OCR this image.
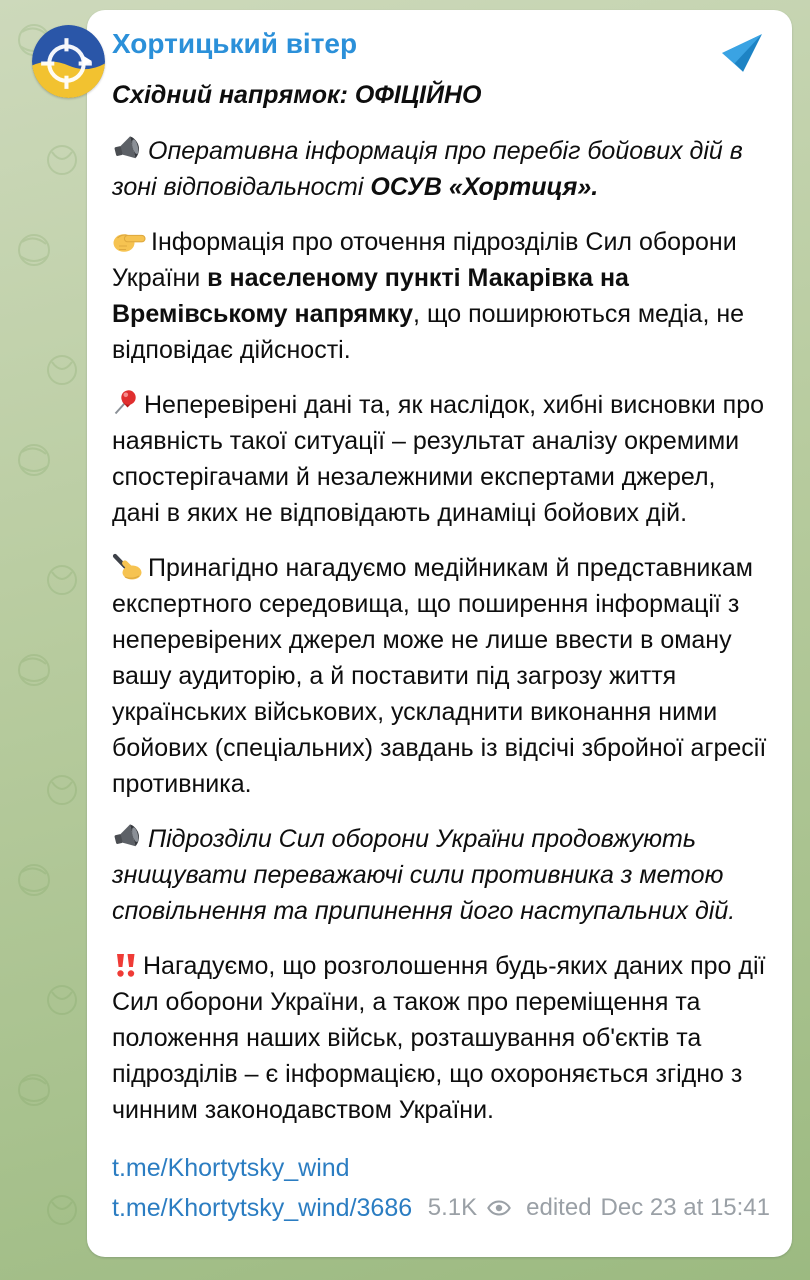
Хортицький вітер
Східний напрямок: ОФІЦІЙНО
Оперативна інформація про перебіг бойових дій в зоні відповідальності ОСУВ «Хортиця».
Інформація про оточення підрозділів Сил оборони України в населеному пункті Макарівка на Времівському напрямку, що поширюються медіа, не відповідає дійсності.
Неперевірені дані та, як наслідок, хибні висновки про наявність такої ситуації – результат аналізу окремими спостерігачами й незалежними експертами джерел, дані в яких не відповідають динаміці бойових дій.
Принагідно нагадуємо медійникам й представникам експертного середовища, що поширення інформації з неперевірених джерел може не лише ввести в оману вашу аудиторію, а й поставити під загрозу життя українських військових, ускладнити виконання ними бойових (спеціальних) завдань із відсічі збройної агресії противника.
Підрозділи Сил оборони України продовжують знищувати переважаючі сили противника з метою сповільнення та припинення його наступальних дій.
Нагадуємо, що розголошення будь-яких даних про дії Сил оборони України, а також про переміщення та положення наших військ, розташування об'єктів та підрозділів – є інформацією, що охороняється згідно з чинним законодавством України.
t.me/Khortytsky_wind
t.me/Khortytsky_wind/3686 5.1K edited Dec 23 at 15:41
